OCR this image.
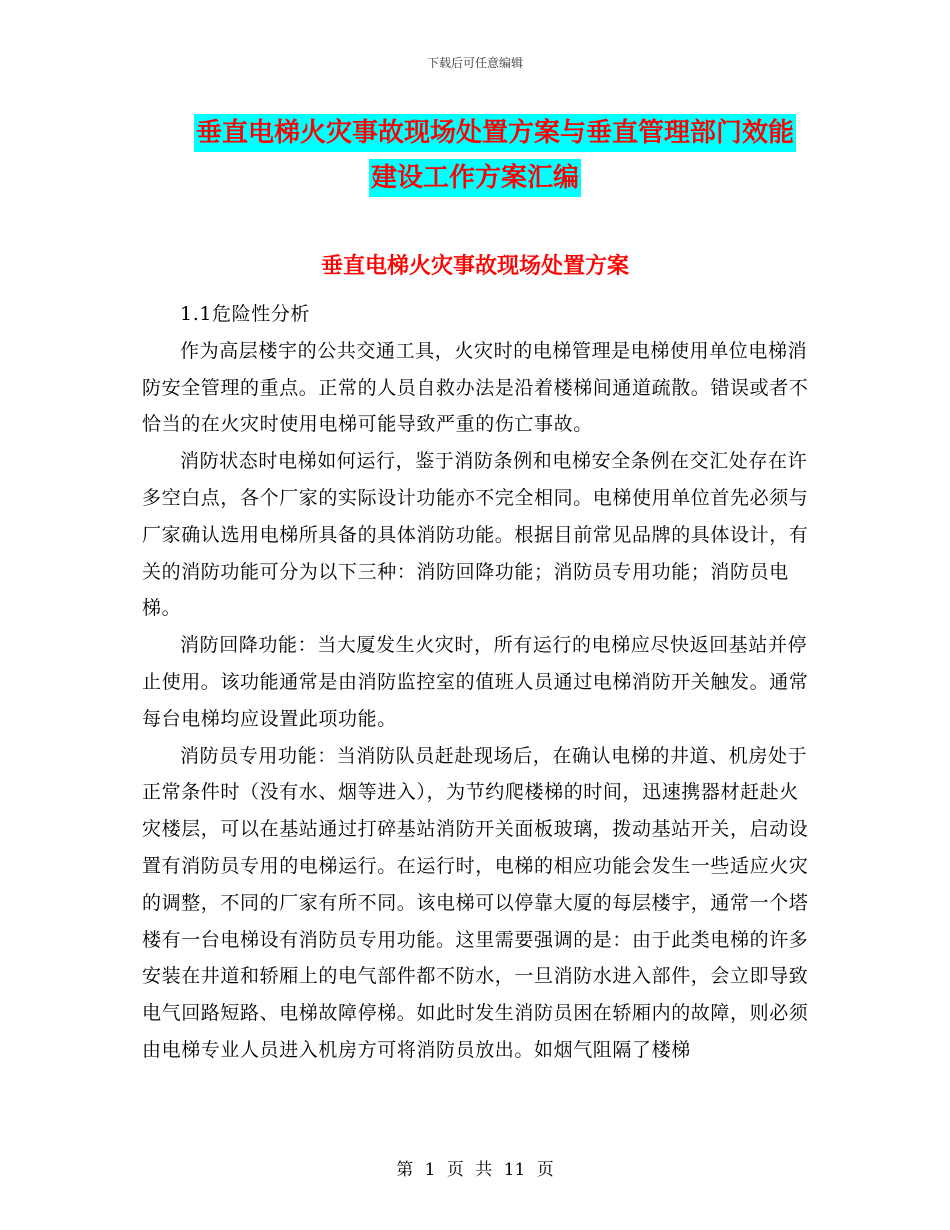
下载后可任意编辑
垂直电梯火灾事故现场处置方案与垂直管理部门效能
建设工作方案汇编
垂直电梯火灾事故现场处置方案

1.1危险性分析

作为高层楼宇的公共交通工具，火灾时的电梯管理是电梯使用单位电梯消防安全管理的重点。正常的人员自救办法是沿着楼梯间通道疏散。错误或者不恰当的在火灾时使用电梯可能导致严重的伤亡事故。

消防状态时电梯如何运行，鉴于消防条例和电梯安全条例在交汇处存在许多空白点，各个厂家的实际设计功能亦不完全相同。电梯使用单位首先必须与厂家确认选用电梯所具备的具体消防功能。根据目前常见品牌的具体设计，有关的消防功能可分为以下三种：消防回降功能；消防员专用功能；消防员电梯。

消防回降功能：当大厦发生火灾时，所有运行的电梯应尽快返回基站并停止使用。该功能通常是由消防监控室的值班人员通过电梯消防开关触发。通常每台电梯均应设置此项功能。

消防员专用功能：当消防队员赶赴现场后，在确认电梯的井道、机房处于正常条件时（没有水、烟等进入），为节约爬楼梯的时间，迅速携器材赶赴火灾楼层，可以在基站通过打碎基站消防开关面板玻璃，拨动基站开关，启动设置有消防员专用的电梯运行。在运行时，电梯的相应功能会发生一些适应火灾的调整，不同的厂家有所不同。该电梯可以停靠大厦的每层楼宇，通常一个塔楼有一台电梯设有消防员专用功能。这里需要强调的是：由于此类电梯的许多安装在井道和轿厢上的电气部件都不防水，一旦消防水进入部件，会立即导致电气回路短路、电梯故障停梯。如此时发生消防员困在轿厢内的故障，则必须由电梯专业人员进入机房方可将消防员放出。如烟气阻隔了楼梯

第 1 页 共 11 页
